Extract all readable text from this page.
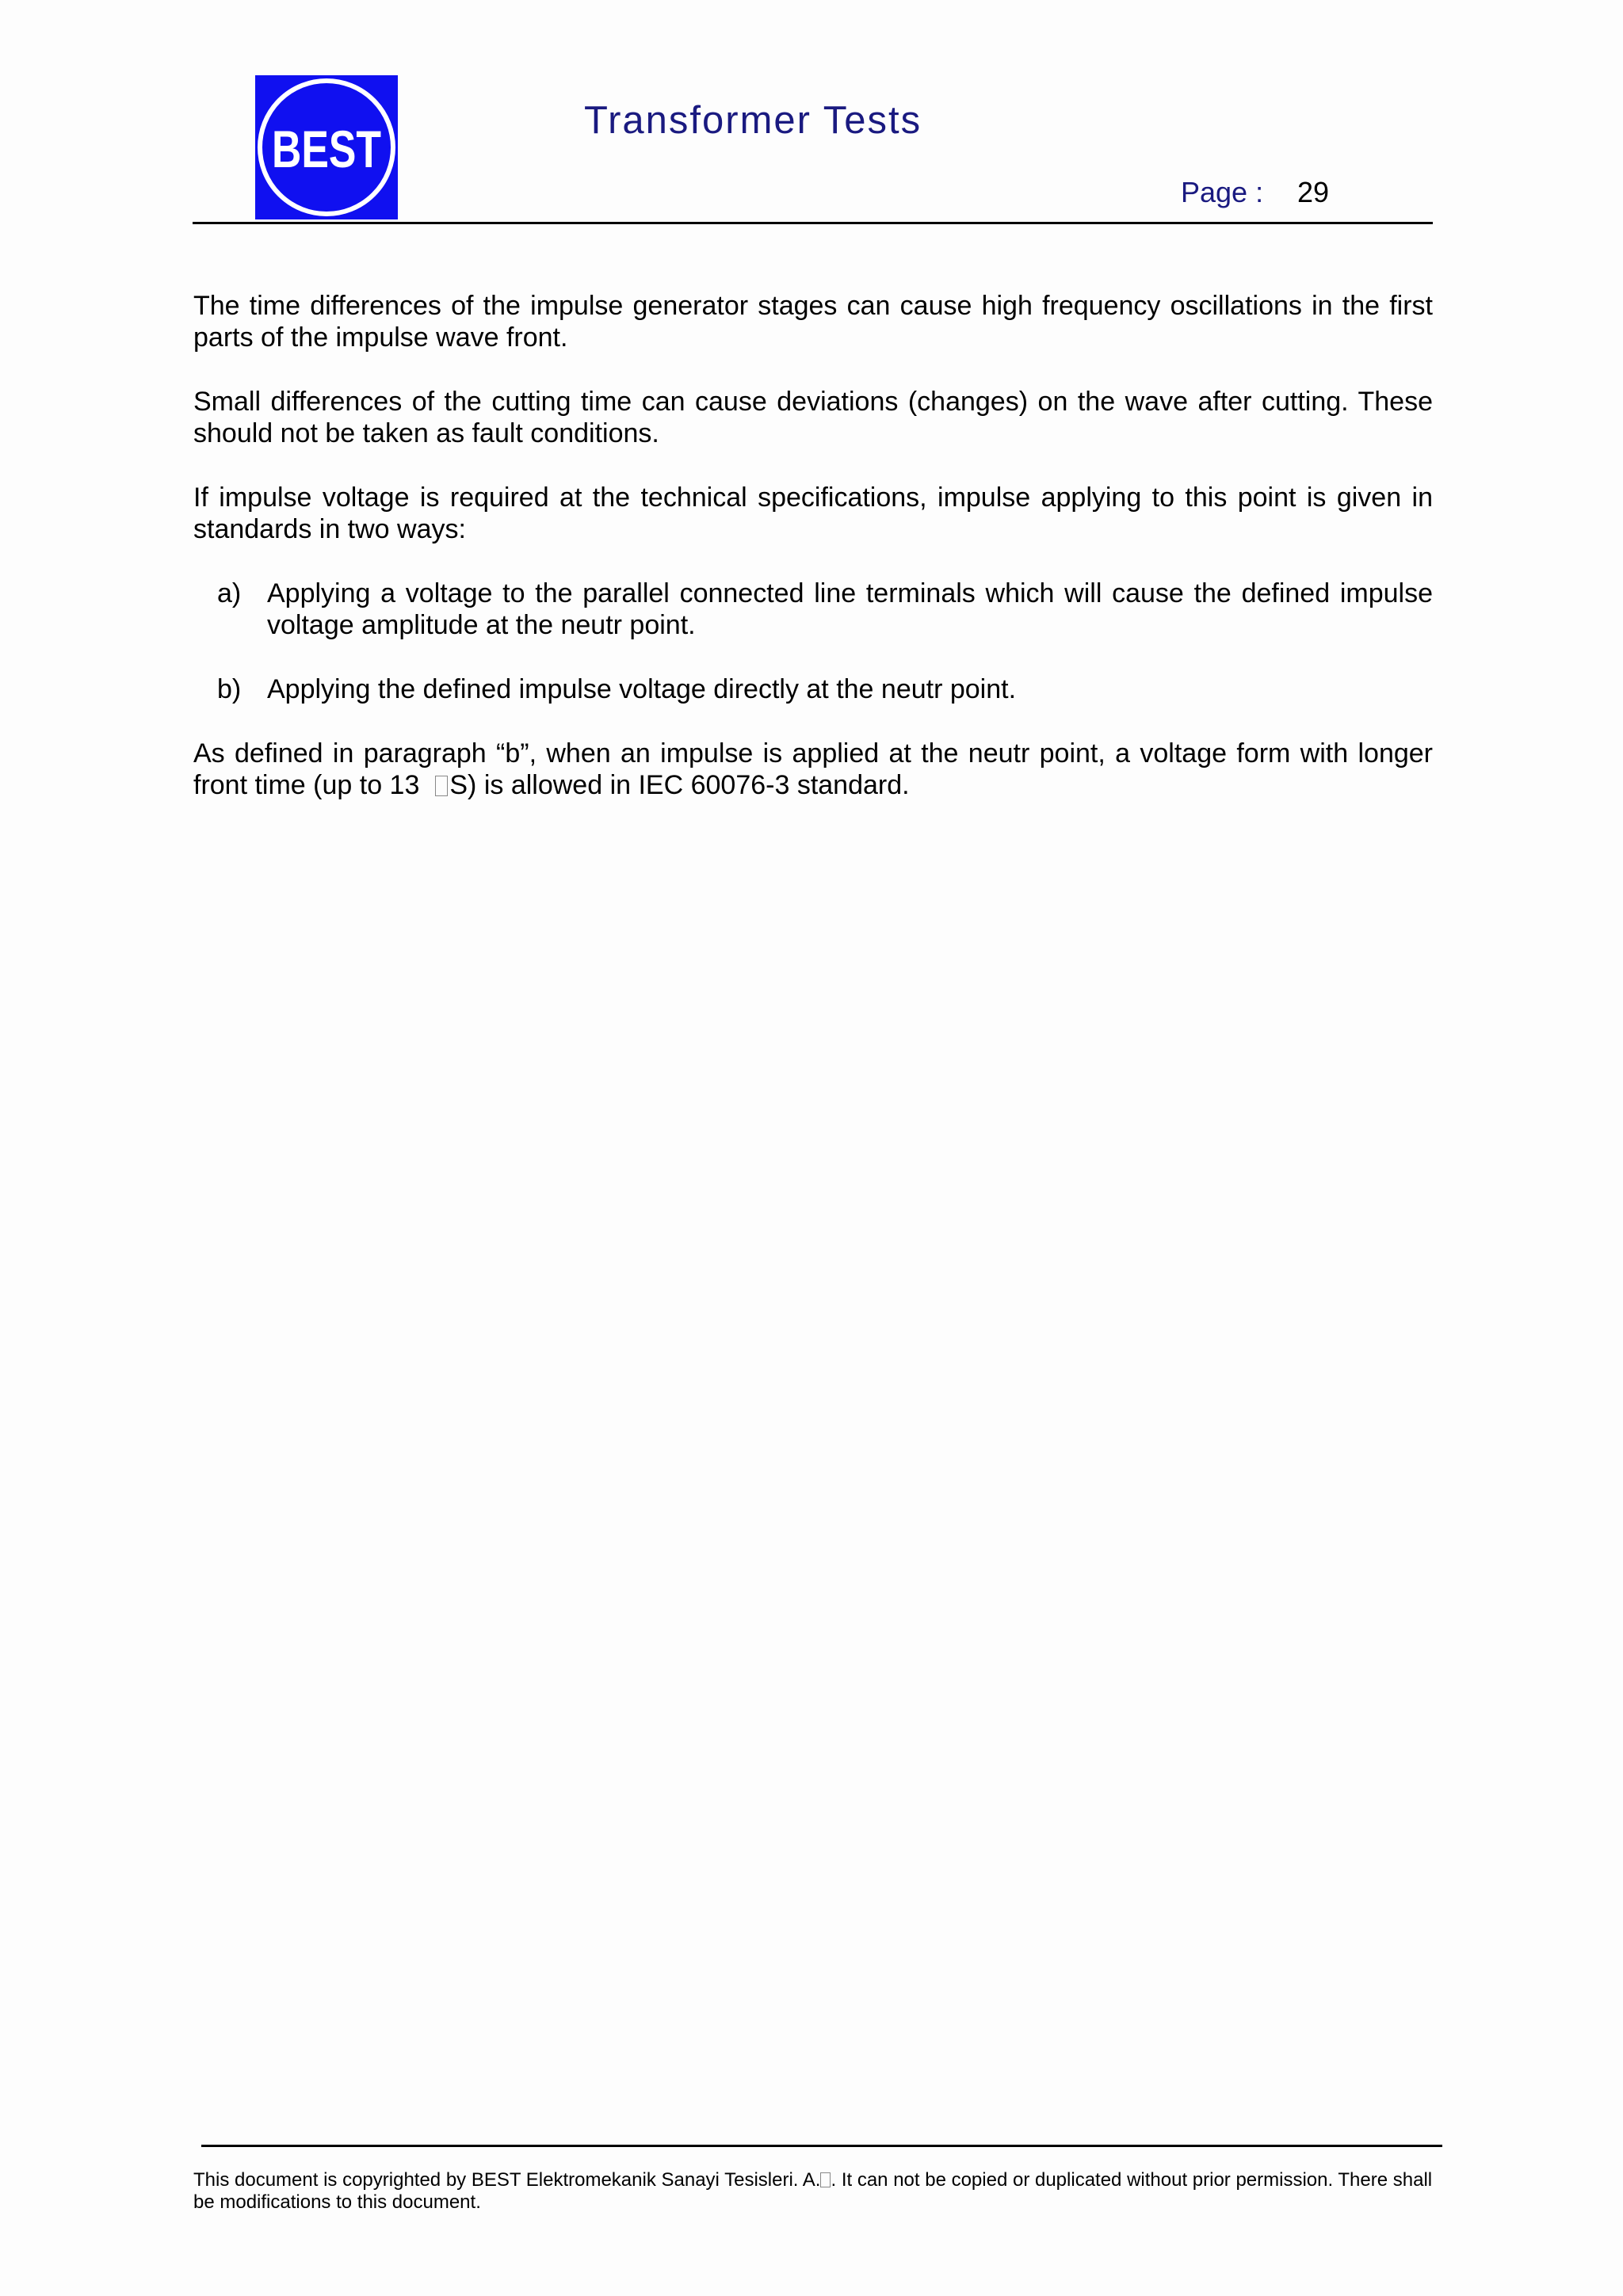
BEST	Transformer Tests
Page : 29

The time differences of the impulse generator stages can cause high frequency oscillations in the first parts of the impulse wave front.

Small differences of the cutting time can cause deviations (changes) on the wave after cutting. These should not be taken as fault conditions.

If impulse voltage is required at the technical specifications, impulse applying to this point is given in standards in two ways:

a) Applying a voltage to the parallel connected line terminals which will cause the defined impulse voltage amplitude at the neutr point.
b) Applying the defined impulse voltage directly at the neutr point.

As defined in paragraph “b”, when an impulse is applied at the neutr point, a voltage form with longer front time (up to 13 S) is allowed in IEC 60076-3 standard.

This document is copyrighted by BEST Elektromekanik Sanayi Tesisleri. A. . It can not be copied or duplicated without prior permission. There shall be modifications to this document.
